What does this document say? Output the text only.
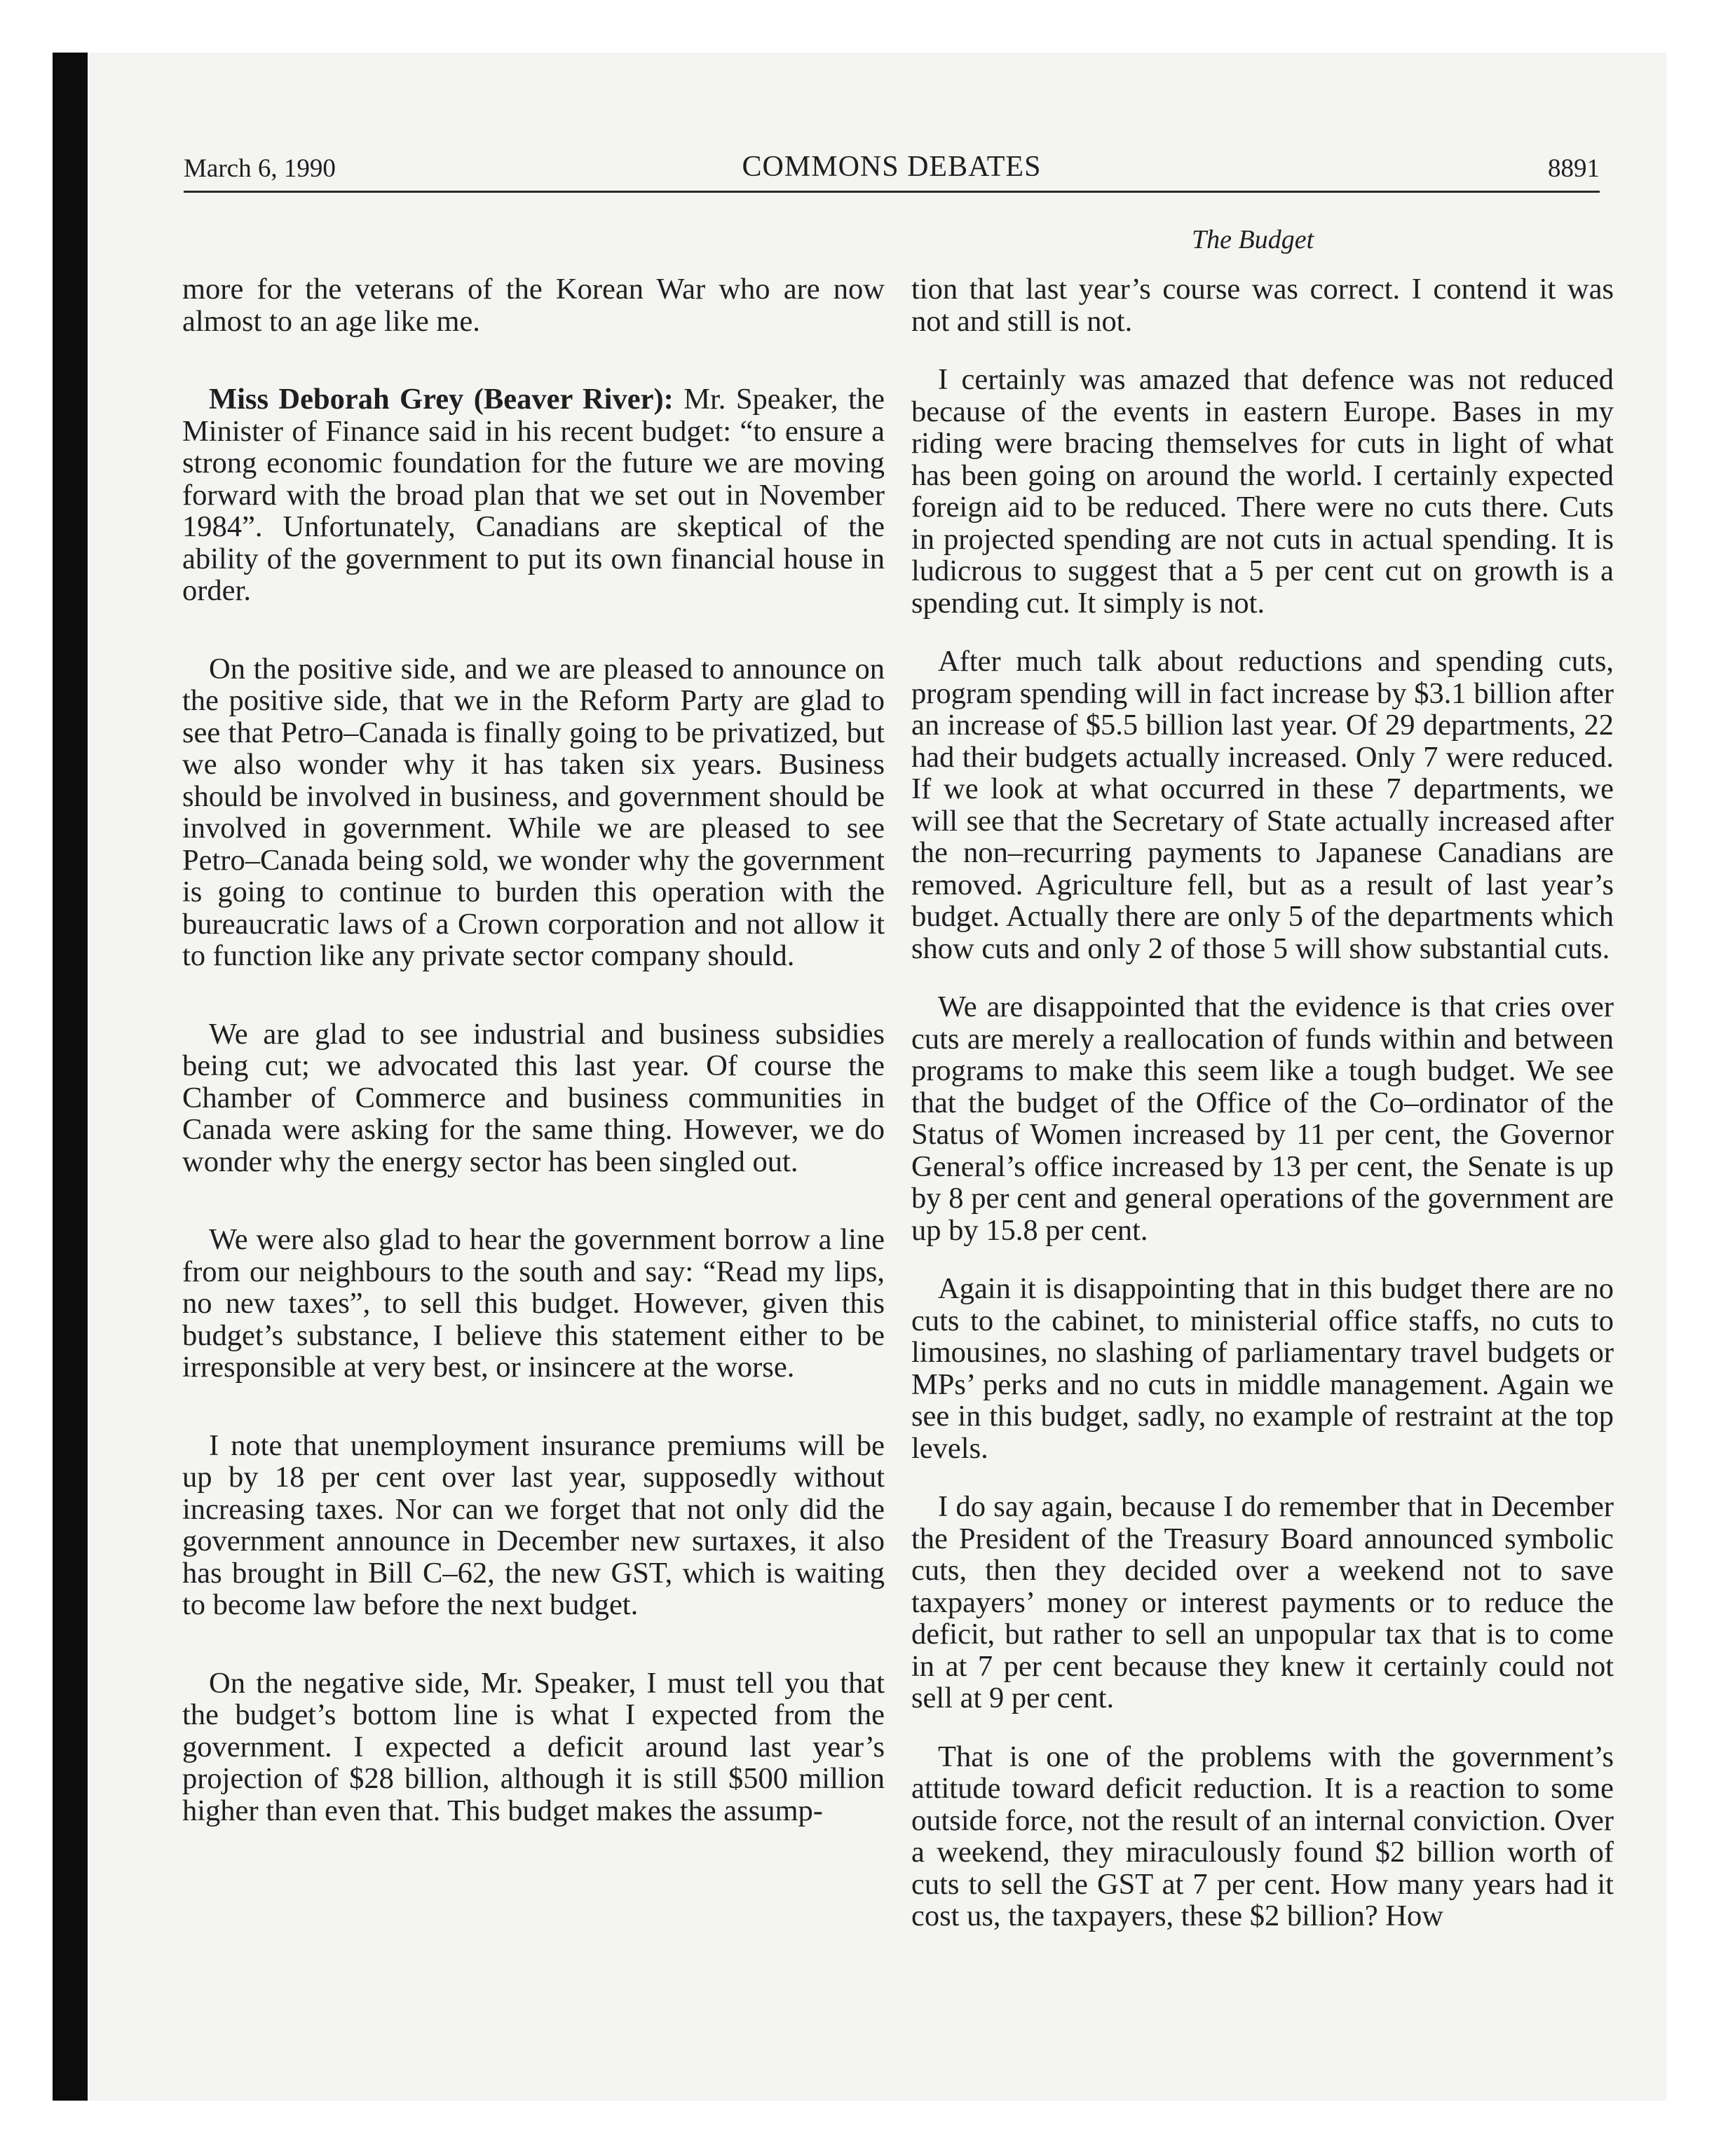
March 6, 1990	COMMONS DEBATES	8891
The Budget

more for the veterans of the Korean War who are now almost to an age like me.

Miss Deborah Grey (Beaver River): Mr. Speaker, the Minister of Finance said in his recent budget: “to ensure a strong economic foundation for the future we are moving forward with the broad plan that we set out in November 1984”. Unfortunately, Canadians are skeptical of the ability of the government to put its own financial house in order.

On the positive side, and we are pleased to announce on the positive side, that we in the Reform Party are glad to see that Petro–Canada is finally going to be privatized, but we also wonder why it has taken six years. Business should be involved in business, and government should be involved in government. While we are pleased to see Petro–Canada being sold, we wonder why the government is going to continue to burden this operation with the bureaucratic laws of a Crown corporation and not allow it to function like any private sector company should.

We are glad to see industrial and business subsidies being cut; we advocated this last year. Of course the Chamber of Commerce and business communities in Canada were asking for the same thing. However, we do wonder why the energy sector has been singled out.

We were also glad to hear the government borrow a line from our neighbours to the south and say: “Read my lips, no new taxes”, to sell this budget. However, given this budget’s substance, I believe this statement either to be irresponsible at very best, or insincere at the worse.

I note that unemployment insurance premiums will be up by 18 per cent over last year, supposedly without increasing taxes. Nor can we forget that not only did the government announce in December new surtaxes, it also has brought in Bill C–62, the new GST, which is waiting to become law before the next budget.

On the negative side, Mr. Speaker, I must tell you that the budget’s bottom line is what I expected from the government. I expected a deficit around last year’s projection of $28 billion, although it is still $500 million higher than even that. This budget makes the assump-

tion that last year’s course was correct. I contend it was not and still is not.

I certainly was amazed that defence was not reduced because of the events in eastern Europe. Bases in my riding were bracing themselves for cuts in light of what has been going on around the world. I certainly expected foreign aid to be reduced. There were no cuts there. Cuts in projected spending are not cuts in actual spending. It is ludicrous to suggest that a 5 per cent cut on growth is a spending cut. It simply is not.

After much talk about reductions and spending cuts, program spending will in fact increase by $3.1 billion after an increase of $5.5 billion last year. Of 29 departments, 22 had their budgets actually increased. Only 7 were reduced. If we look at what occurred in these 7 departments, we will see that the Secretary of State actually increased after the non–recurring payments to Japanese Canadians are removed. Agriculture fell, but as a result of last year’s budget. Actually there are only 5 of the departments which show cuts and only 2 of those 5 will show substantial cuts.

We are disappointed that the evidence is that cries over cuts are merely a reallocation of funds within and between programs to make this seem like a tough budget. We see that the budget of the Office of the Co–ordinator of the Status of Women increased by 11 per cent, the Governor General’s office increased by 13 per cent, the Senate is up by 8 per cent and general operations of the government are up by 15.8 per cent.

Again it is disappointing that in this budget there are no cuts to the cabinet, to ministerial office staffs, no cuts to limousines, no slashing of parliamentary travel budgets or MPs’ perks and no cuts in middle management. Again we see in this budget, sadly, no example of restraint at the top levels.

I do say again, because I do remember that in December the President of the Treasury Board announced symbolic cuts, then they decided over a weekend not to save taxpayers’ money or interest payments or to reduce the deficit, but rather to sell an unpopular tax that is to come in at 7 per cent because they knew it certainly could not sell at 9 per cent.

That is one of the problems with the government’s attitude toward deficit reduction. It is a reaction to some outside force, not the result of an internal conviction. Over a weekend, they miraculously found $2 billion worth of cuts to sell the GST at 7 per cent. How many years had it cost us, the taxpayers, these $2 billion? How
